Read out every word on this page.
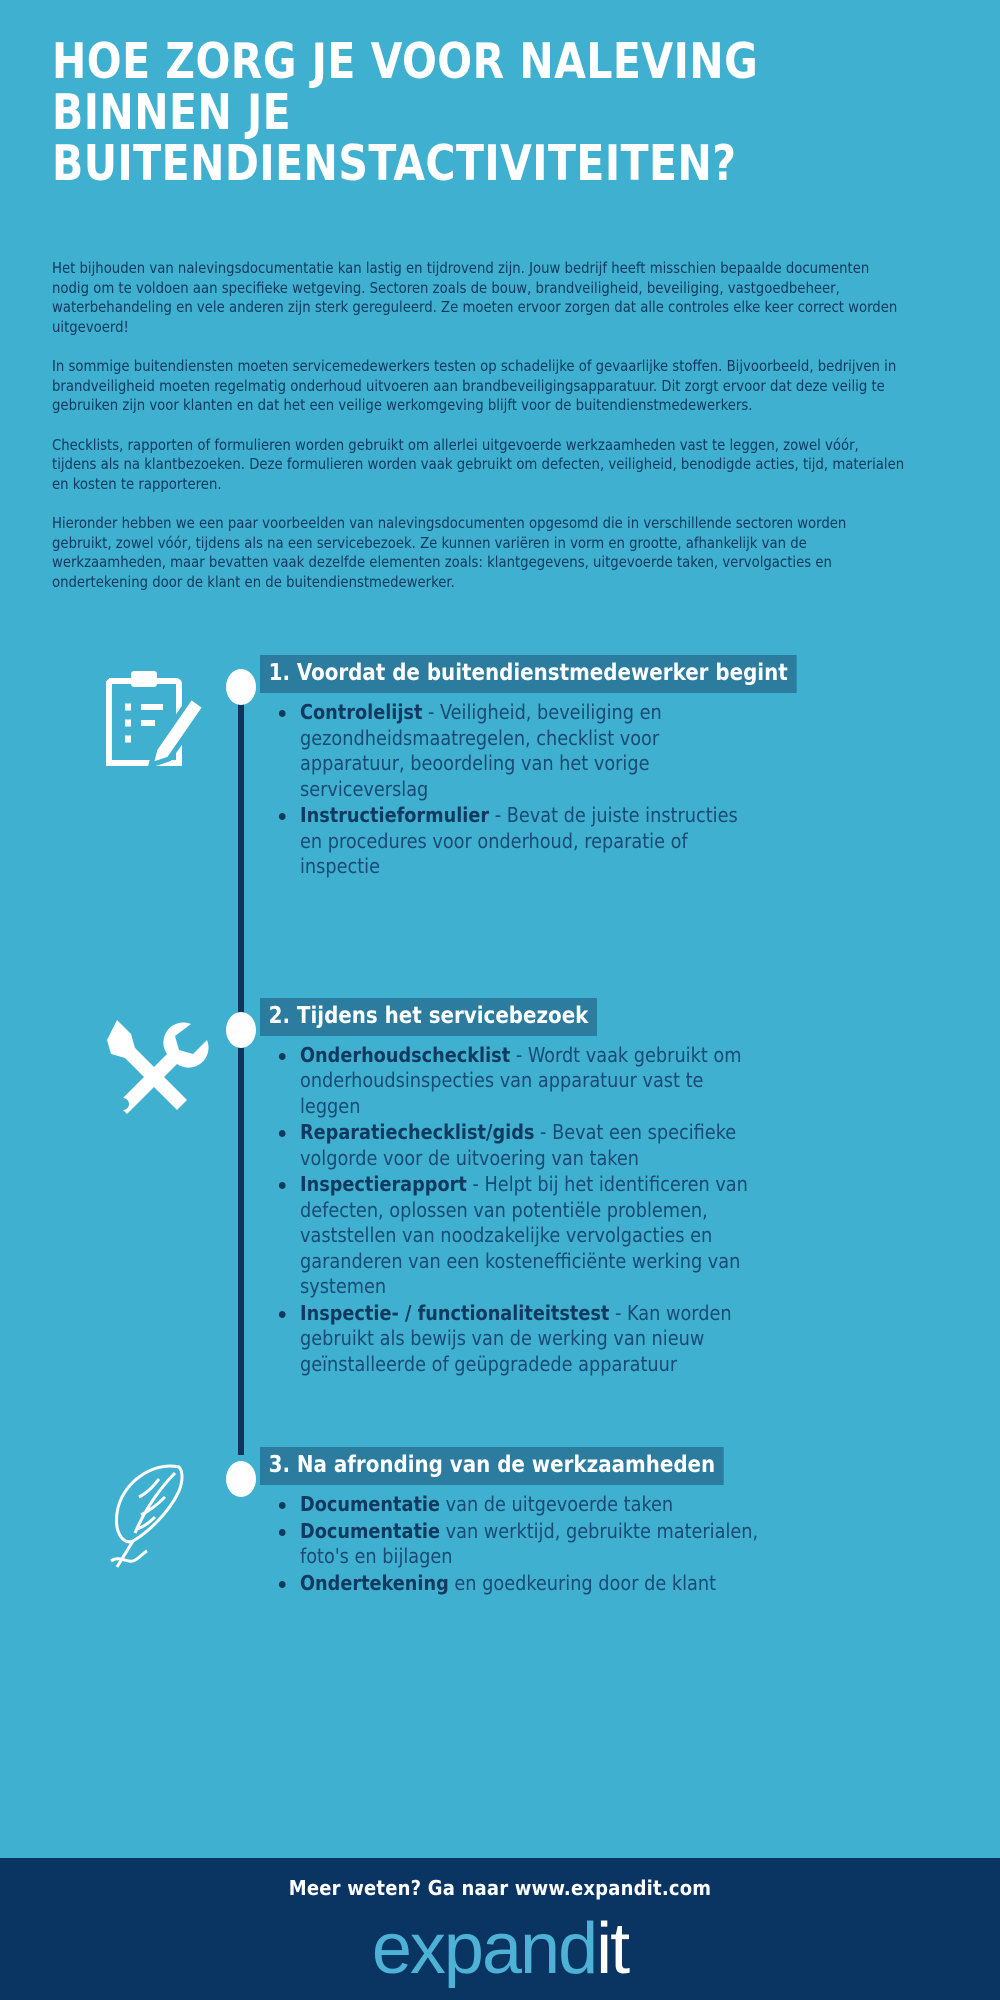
HOE ZORG JE VOOR NALEVING
BINNEN JE
BUITENDIENSTACTIVITEITEN?

Het bijhouden van nalevingsdocumentatie kan lastig en tijdrovend zijn. Jouw bedrijf heeft misschien bepaalde documenten nodig om te voldoen aan specifieke wetgeving. Sectoren zoals de bouw, brandveiligheid, beveiliging, vastgoedbeheer, waterbehandeling en vele anderen zijn sterk gereguleerd. Ze moeten ervoor zorgen dat alle controles elke keer correct worden uitgevoerd!

In sommige buitendiensten moeten servicemedewerkers testen op schadelijke of gevaarlijke stoffen. Bijvoorbeeld, bedrijven in brandveiligheid moeten regelmatig onderhoud uitvoeren aan brandbeveiligingsapparatuur. Dit zorgt ervoor dat deze veilig te gebruiken zijn voor klanten en dat het een veilige werkomgeving blijft voor de buitendienstmedewerkers.

Checklists, rapporten of formulieren worden gebruikt om allerlei uitgevoerde werkzaamheden vast te leggen, zowel vóór, tijdens als na klantbezoeken. Deze formulieren worden vaak gebruikt om defecten, veiligheid, benodigde acties, tijd, materialen en kosten te rapporteren.

Hieronder hebben we een paar voorbeelden van nalevingsdocumenten opgesomd die in verschillende sectoren worden gebruikt, zowel vóór, tijdens als na een servicebezoek. Ze kunnen variëren in vorm en grootte, afhankelijk van de werkzaamheden, maar bevatten vaak dezelfde elementen zoals: klantgegevens, uitgevoerde taken, vervolgacties en ondertekening door de klant en de buitendienstmedewerker.

1. Voordat de buitendienstmedewerker begint
Controlelijst - Veiligheid, beveiliging en gezondheidsmaatregelen, checklist voor apparatuur, beoordeling van het vorige serviceverslag
Instructieformulier - Bevat de juiste instructies en procedures voor onderhoud, reparatie of inspectie
2. Tijdens het servicebezoek
Onderhoudschecklist - Wordt vaak gebruikt om onderhoudsinspecties van apparatuur vast te leggen
Reparatiechecklist/gids - Bevat een specifieke volgorde voor de uitvoering van taken
Inspectierapport - Helpt bij het identificeren van defecten, oplossen van potentiële problemen, vaststellen van noodzakelijke vervolgacties en garanderen van een kostenefficiënte werking van systemen
Inspectie- / functionaliteitstest - Kan worden gebruikt als bewijs van de werking van nieuw geïnstalleerde of geüpgradede apparatuur
3. Na afronding van de werkzaamheden
Documentatie van de uitgevoerde taken
Documentatie van werktijd, gebruikte materialen, foto's en bijlagen
Ondertekening en goedkeuring door de klant
Meer weten? Ga naar www.expandit.com
expandit
